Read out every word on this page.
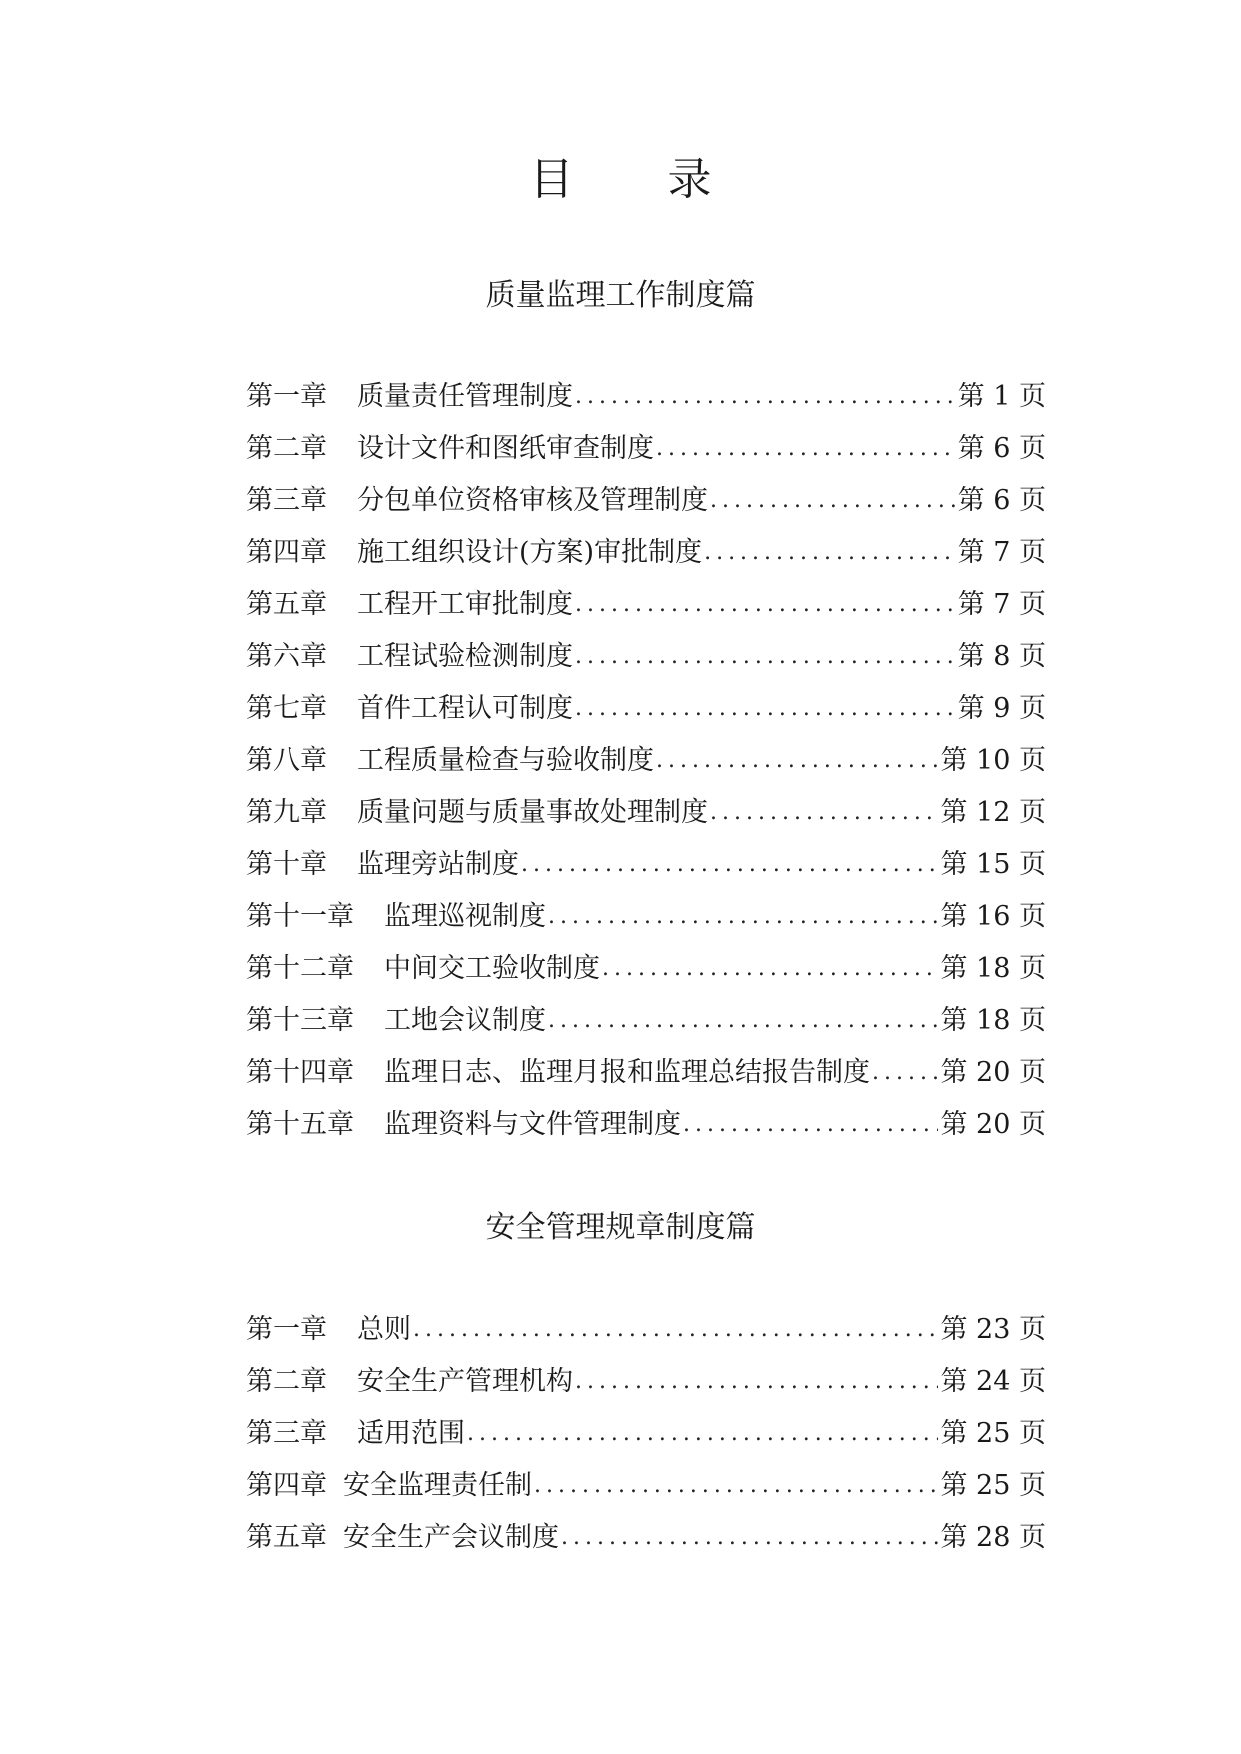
目 录
质量监理工作制度篇
第一章 质量责任管理制度 .....	第 1 页
第二章 设计文件和图纸审查制度 .....	第 6 页
第三章 分包单位资格审核及管理制度 .....	第 6 页
第四章 施工组织设计(方案)审批制度 .....	第 7 页
第五章 工程开工审批制度 .....	第 7 页
第六章 工程试验检测制度 .....	第 8 页
第七章 首件工程认可制度 .....	第 9 页
第八章 工程质量检查与验收制度 .....	第 10 页
第九章 质量问题与质量事故处理制度 .....	第 12 页
第十章 监理旁站制度 .....	第 15 页
第十一章 监理巡视制度 .....	第 16 页
第十二章 中间交工验收制度 .....	第 18 页
第十三章 工地会议制度 .....	第 18 页
第十四章 监理日志、监理月报和监理总结报告制度 .....	第 20 页
第十五章 监理资料与文件管理制度 .....	第 20 页
安全管理规章制度篇
第一章 总则 .....	第 23 页
第二章 安全生产管理机构 .....	第 24 页
第三章 适用范围 .....	第 25 页
第四章 安全监理责任制 .....	第 25 页
第五章 安全生产会议制度 .....	第 28 页
